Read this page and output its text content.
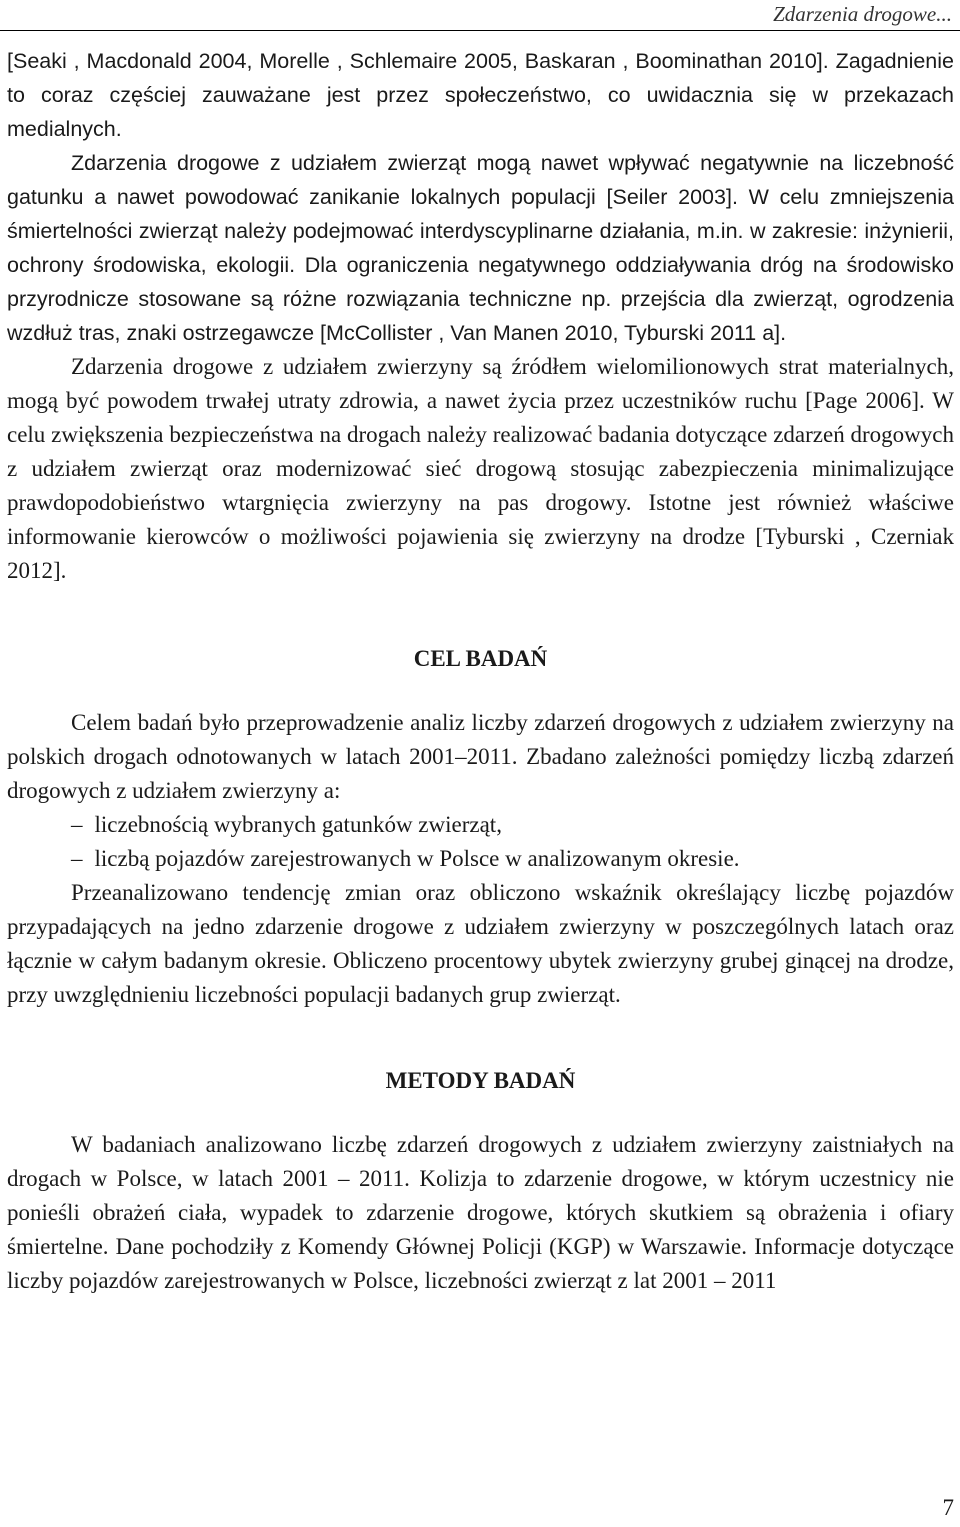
Zdarzenia drogowe...

[Seaki , Macdonald 2004, Morelle , Schlemaire 2005, Baskaran , Boominathan 2010]. Zagadnienie to coraz częściej zauważane jest przez społeczeństwo, co uwidacznia się w przekazach medialnych.

Zdarzenia drogowe z udziałem zwierząt mogą nawet wpływać negatywnie na liczebność gatunku a nawet powodować zanikanie lokalnych populacji [Seiler 2003]. W celu zmniejszenia śmiertelności zwierząt należy podejmować interdyscyplinarne działania, m.in. w zakresie: inżynierii, ochrony środowiska, ekologii. Dla ograniczenia negatywnego oddziaływania dróg na środowisko przyrodnicze stosowane są różne rozwiązania techniczne np. przejścia dla zwierząt, ogrodzenia wzdłuż tras, znaki ostrzegawcze [McCollister , Van Manen 2010, Tyburski 2011 a].

Zdarzenia drogowe z udziałem zwierzyny są źródłem wielomilionowych strat materialnych, mogą być powodem trwałej utraty zdrowia, a nawet życia przez uczestników ruchu [Page 2006]. W celu zwiększenia bezpieczeństwa na drogach należy realizować badania dotyczące zdarzeń drogowych z udziałem zwierząt oraz modernizować sieć drogową stosując zabezpieczenia minimalizujące prawdopodobieństwo wtargnięcia zwierzyny na pas drogowy. Istotne jest również właściwe informowanie kierowców o możliwości pojawienia się zwierzyny na drodze [Tyburski , Czerniak 2012].

CEL BADAŃ

Celem badań było przeprowadzenie analiz liczby zdarzeń drogowych z udziałem zwierzyny na polskich drogach odnotowanych w latach 2001–2011. Zbadano zależności pomiędzy liczbą zdarzeń drogowych z udziałem zwierzyny a:

– liczebnością wybranych gatunków zwierząt,
– liczbą pojazdów zarejestrowanych w Polsce w analizowanym okresie.

Przeanalizowano tendencję zmian oraz obliczono wskaźnik określający liczbę pojazdów przypadających na jedno zdarzenie drogowe z udziałem zwierzyny w poszczególnych latach oraz łącznie w całym badanym okresie. Obliczeno procentowy ubytek zwierzyny grubej ginącej na drodze, przy uwzględnieniu liczebności populacji badanych grup zwierząt.

METODY BADAŃ

W badaniach analizowano liczbę zdarzeń drogowych z udziałem zwierzyny zaistniałych na drogach w Polsce, w latach 2001 – 2011. Kolizja to zdarzenie drogowe, w którym uczestnicy nie ponieśli obrażeń ciała, wypadek to zdarzenie drogowe, których skutkiem są obrażenia i ofiary śmiertelne. Dane pochodziły z Komendy Głównej Policji (KGP) w Warszawie. Informacje dotyczące liczby pojazdów zarejestrowanych w Polsce, liczebności zwierząt z lat 2001 – 2011

7
